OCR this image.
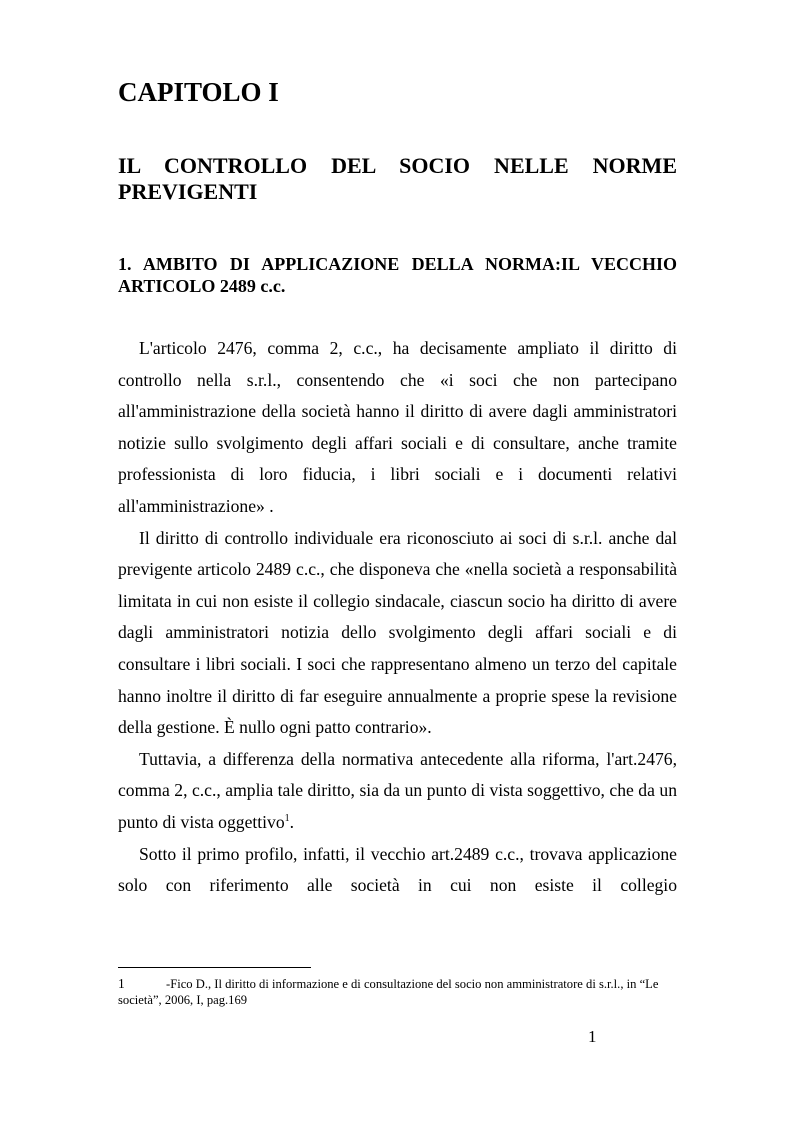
CAPITOLO I
IL CONTROLLO DEL SOCIO NELLE NORME
PREVIGENTI
1. AMBITO DI APPLICAZIONE DELLA NORMA:IL VECCHIO
ARTICOLO 2489 c.c.

L'articolo 2476, comma 2, c.c., ha decisamente ampliato il diritto di controllo nella s.r.l., consentendo che «i soci che non partecipano all'amministrazione della società hanno il diritto di avere dagli amministratori notizie sullo svolgimento degli affari sociali e di consultare, anche tramite professionista di loro fiducia, i libri sociali e i documenti relativi all'amministrazione» .

Il diritto di controllo individuale era riconosciuto ai soci di s.r.l. anche dal previgente articolo 2489 c.c., che disponeva che «nella società a responsabilità limitata in cui non esiste il collegio sindacale, ciascun socio ha diritto di avere dagli amministratori notizia dello svolgimento degli affari sociali e di consultare i libri sociali. I soci che rappresentano almeno un terzo del capitale hanno inoltre il diritto di far eseguire annualmente a proprie spese la revisione della gestione. È nullo ogni patto contrario».

Tuttavia, a differenza della normativa antecedente alla riforma, l'art.2476, comma 2, c.c., amplia tale diritto, sia da un punto di vista soggettivo, che da un punto di vista oggettivo$^1$.

Sotto il primo profilo, infatti, il vecchio art.2489 c.c., trovava applicazione solo con riferimento alle società in cui non esiste il collegio

1	-Fico D., Il diritto di informazione e di consultazione del socio non amministratore di s.r.l., in “Le società”, 2006, I, pag.169
1
